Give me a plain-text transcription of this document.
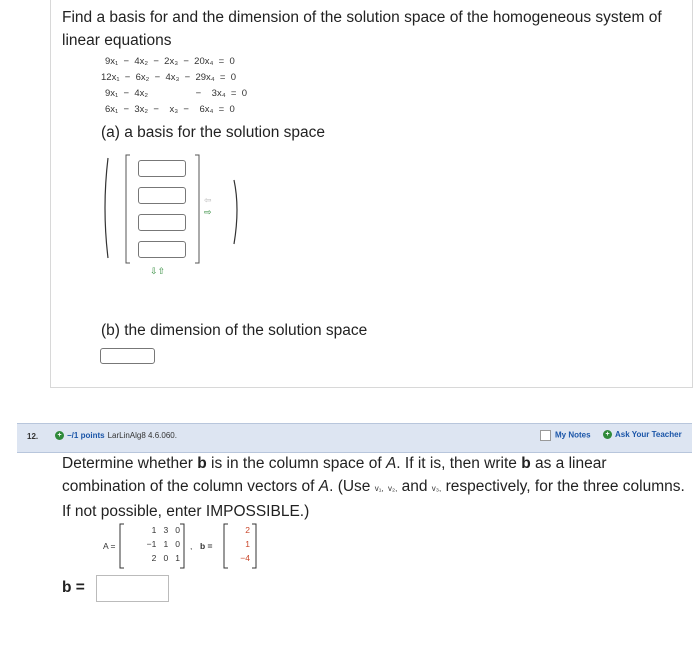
Find a basis for and the dimension of the solution space of the homogeneous system of linear equations
9x₁  −  4x₂  −  2x₃  −  20x₄  =  0
12x₁  −  6x₂  −  4x₃  −  29x₄  =  0
9x₁  −  4x₂                  −    3x₄  =  0
6x₁  −  3x₂  −    x₃  −    6x₄  =  0
(a) a basis for the solution space
⇦
⇨
⇩⇧
(b) the dimension of the solution space
12.	+ −/1 points LarLinAlg8 4.6.060.	My Notes	+ Ask Your Teacher
Determine whether b is in the column space of A. If it is, then write b as a linear combination of the column vectors of A. (Use v₁, v₂, and v₃, respectively, for the three columns. If not possible, enter IMPOSSIBLE.)
A =
1   3   0
−1   1   0
2   0   1
, b =
2
1
−4
b =
